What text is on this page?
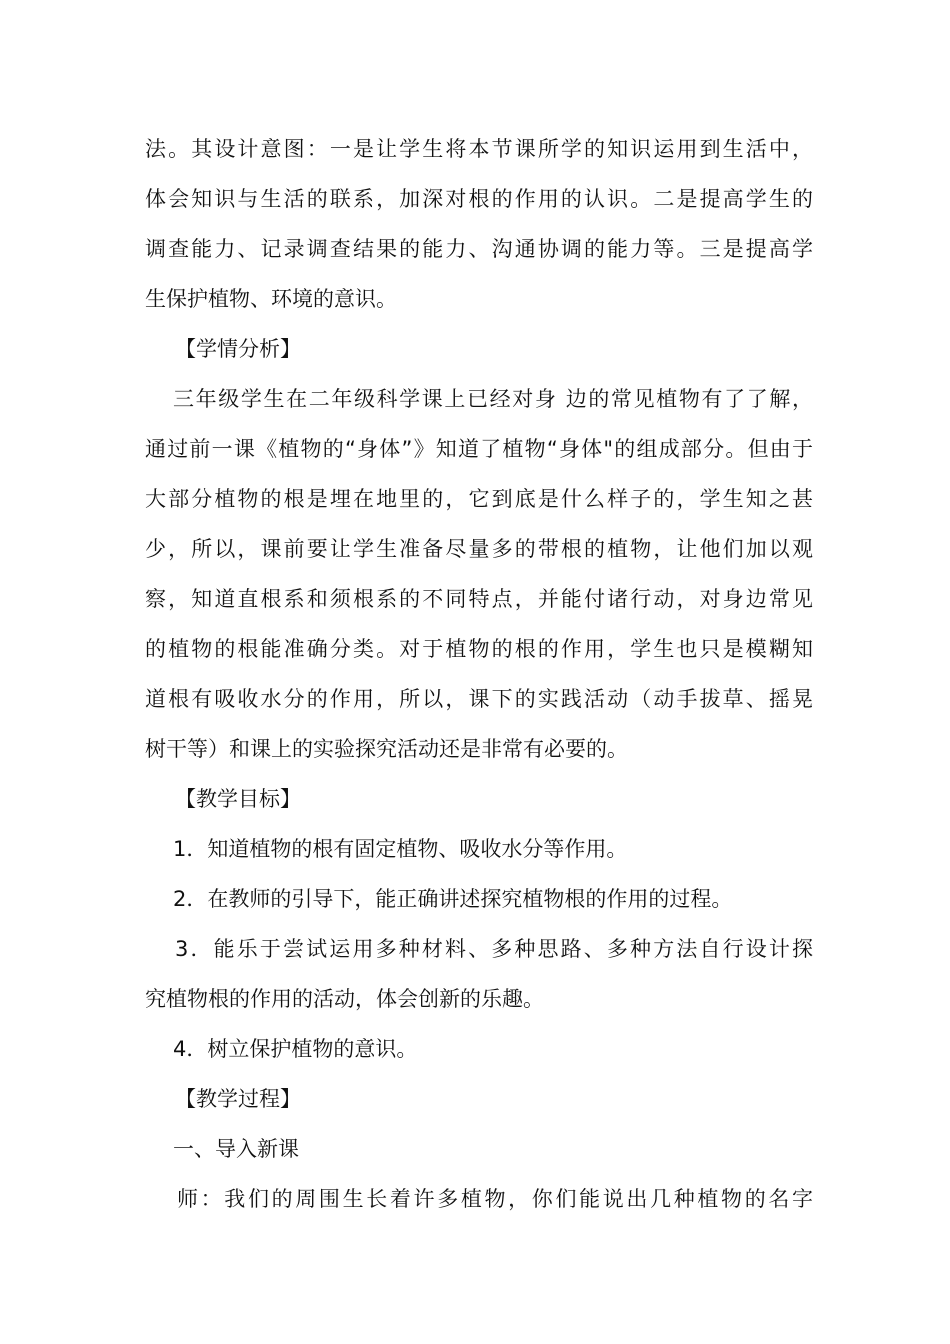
法。其设计意图：一是让学生将本节课所学的知识运用到生活中，
体会知识与生活的联系，加深对根的作用的认识。二是提高学生的
调查能力、记录调查结果的能力、沟通协调的能力等。三是提高学
生保护植物、环境的意识。
【学情分析】
三年级学生在二年级科学课上已经对身 边的常见植物有了了解，
通过前一课《植物的“身体”》知道了植物“身体"的组成部分。但由于
大部分植物的根是埋在地里的，它到底是什么样子的，学生知之甚
少，所以，课前要让学生准备尽量多的带根的植物，让他们加以观
察，知道直根系和须根系的不同特点，并能付诸行动，对身边常见
的植物的根能准确分类。对于植物的根的作用，学生也只是模糊知
道根有吸收水分的作用，所以，课下的实践活动（动手拔草、摇晃
树干等）和课上的实验探究活动还是非常有必要的。
【教学目标】
1．知道植物的根有固定植物、吸收水分等作用。
2．在教师的引导下，能正确讲述探究植物根的作用的过程。
3．能乐于尝试运用多种材料、多种思路、多种方法自行设计探
究植物根的作用的活动，体会创新的乐趣。
4．树立保护植物的意识。
【教学过程】
一、导入新课
师：我们的周围生长着许多植物，你们能说出几种植物的名字
